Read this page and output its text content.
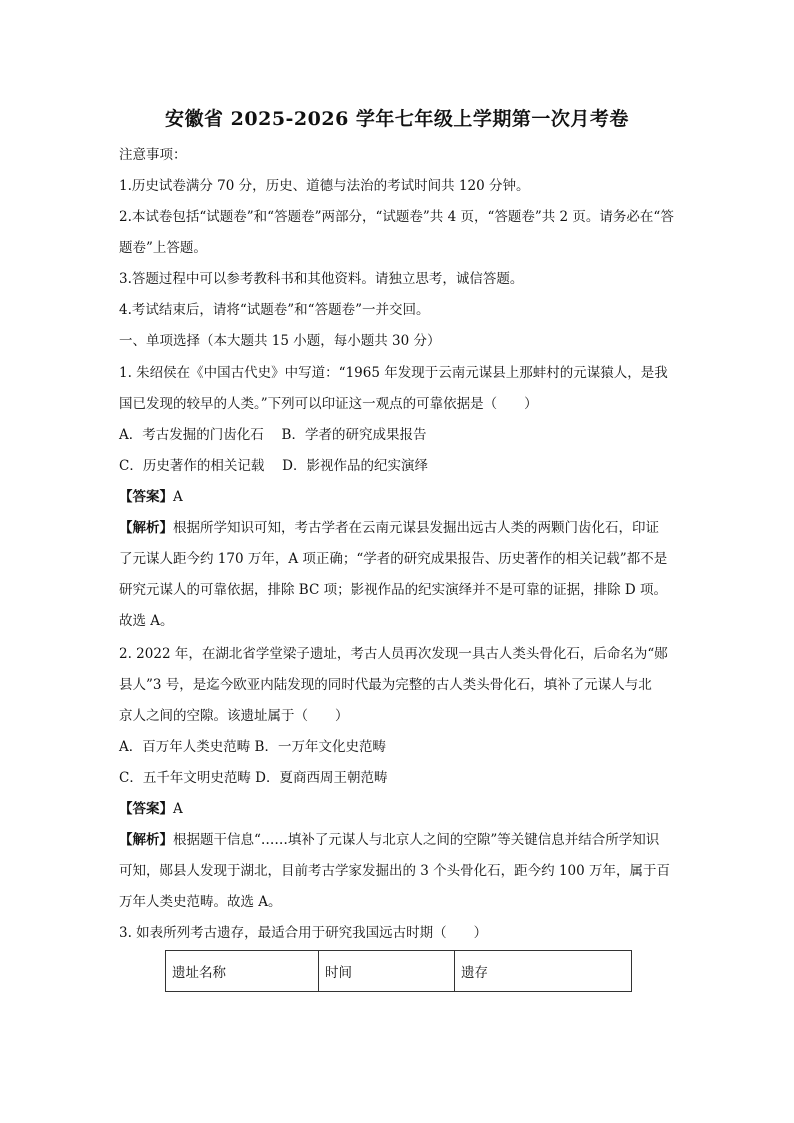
安徽省 2025-2026 学年七年级上学期第一次月考卷
注意事项：
1.历史试卷满分 70 分，历史、道德与法治的考试时间共 120 分钟。
2.本试卷包括“试题卷”和“答题卷”两部分，“试题卷”共 4 页，“答题卷”共 2 页。请务必在“答
题卷”上答题。
3.答题过程中可以参考教科书和其他资料。请独立思考，诚信答题。
4.考试结束后，请将“试题卷”和“答题卷”一并交回。
一、单项选择（本大题共 15 小题，每小题共 30 分）
1. 朱绍侯在《中国古代史》中写道：“1965 年发现于云南元谋县上那蚌村的元谋猿人，是我
国已发现的较早的人类。”下列可以印证这一观点的可靠依据是（　　）
A．考古发掘的门齿化石　 B．学者的研究成果报告
C．历史著作的相关记载　 D．影视作品的纪实演绎
【答案】A
【解析】根据所学知识可知，考古学者在云南元谋县发掘出远古人类的两颗门齿化石，印证
了元谋人距今约 170 万年，A 项正确；“学者的研究成果报告、历史著作的相关记载”都不是
研究元谋人的可靠依据，排除 BC 项；影视作品的纪实演绎并不是可靠的证据，排除 D 项。
故选 A。
2. 2022 年，在湖北省学堂梁子遗址，考古人员再次发现一具古人类头骨化石，后命名为“郧
县人”3 号，是迄今欧亚内陆发现的同时代最为完整的古人类头骨化石，填补了元谋人与北
京人之间的空隙。该遗址属于（　　）
A．百万年人类史范畴 B．一万年文化史范畴
C．五千年文明史范畴 D．夏商西周王朝范畴
【答案】A
【解析】根据题干信息“……填补了元谋人与北京人之间的空隙”等关键信息并结合所学知识
可知，郧县人发现于湖北，目前考古学家发掘出的 3 个头骨化石，距今约 100 万年，属于百
万年人类史范畴。故选 A。
3. 如表所列考古遗存，最适合用于研究我国远古时期（　　）
遗址名称	时间	遗存
